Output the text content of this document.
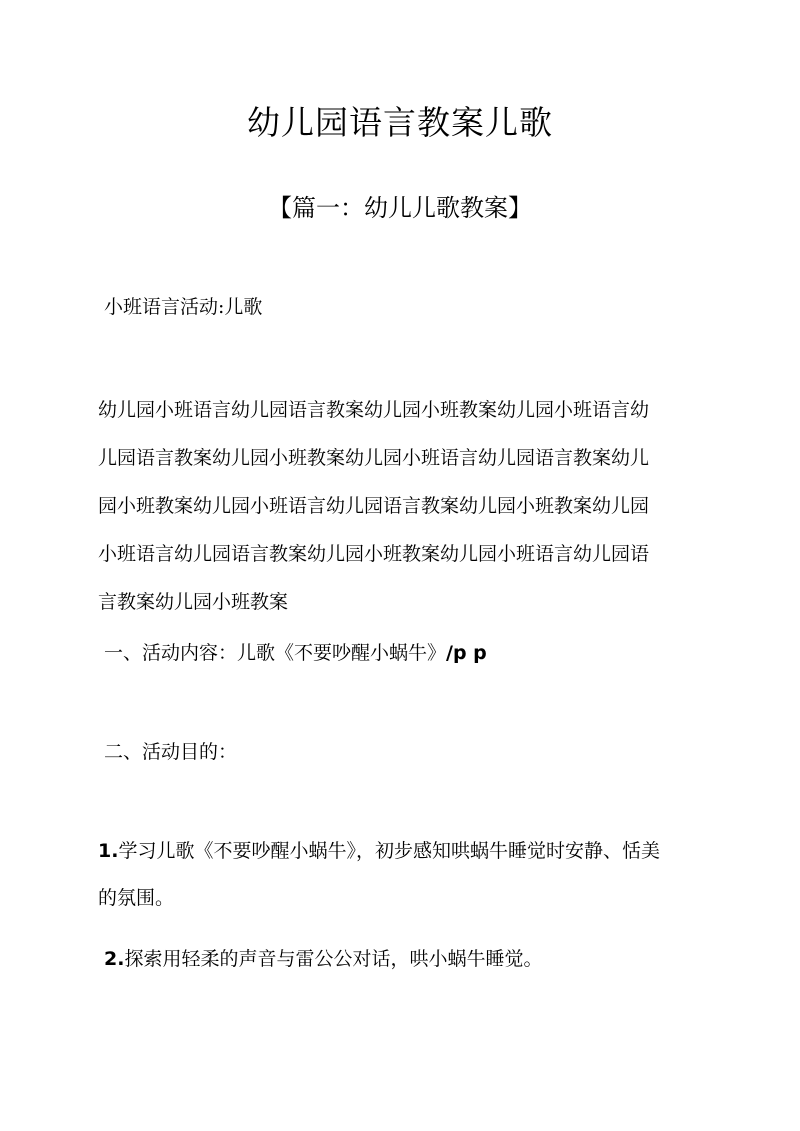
幼儿园语言教案儿歌
【篇一：幼儿儿歌教案】
小班语言活动:儿歌
幼儿园小班语言幼儿园语言教案幼儿园小班教案幼儿园小班语言幼
儿园语言教案幼儿园小班教案幼儿园小班语言幼儿园语言教案幼儿
园小班教案幼儿园小班语言幼儿园语言教案幼儿园小班教案幼儿园
小班语言幼儿园语言教案幼儿园小班教案幼儿园小班语言幼儿园语
言教案幼儿园小班教案
一、活动内容：儿歌《不要吵醒小蜗牛》/p p
二、活动目的：
1.学习儿歌《不要吵醒小蜗牛》，初步感知哄蜗牛睡觉时安静、恬美
的氛围。
2.探索用轻柔的声音与雷公公对话，哄小蜗牛睡觉。
